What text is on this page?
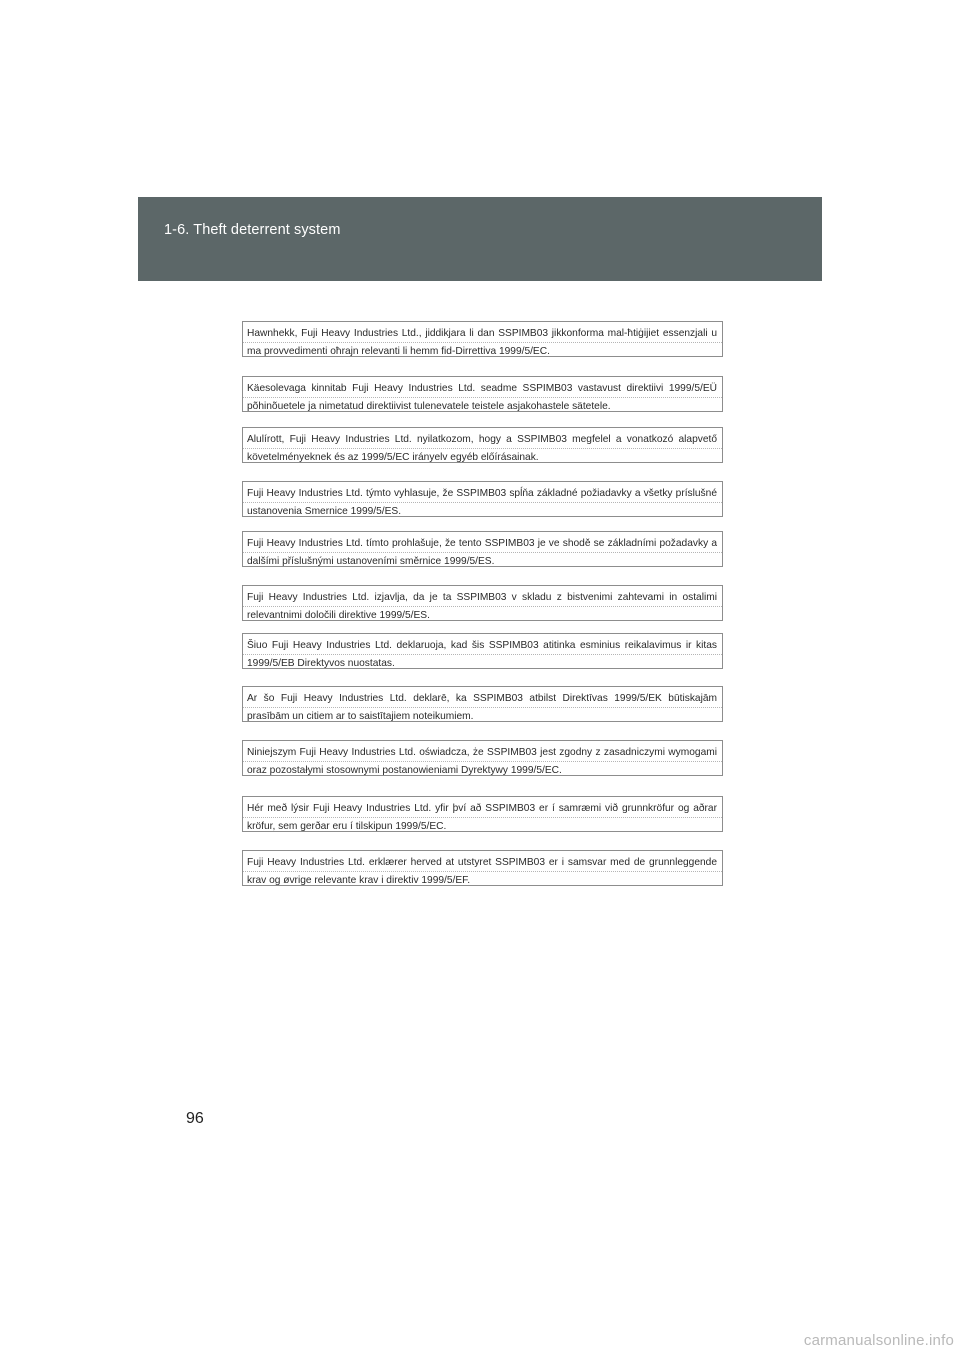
1-6. Theft deterrent system
Hawnhekk, Fuji Heavy Industries Ltd., jiddikjara li dan SSPIMB03 jikkonforma mal-ħtiġijiet essenzjali u ma provvedimenti oħrajn relevanti li hemm fid-Dirrettiva 1999/5/EC.
Käesolevaga kinnitab Fuji Heavy Industries Ltd. seadme SSPIMB03 vastavust direktiivi 1999/5/EÜ põhinõuetele ja nimetatud direktiivist tulenevatele teistele asjakohastele sätetele.
Alulírott, Fuji Heavy Industries Ltd. nyilatkozom, hogy a SSPIMB03 megfelel a vonatkozó alapvető követelményeknek és az 1999/5/EC irányelv egyéb előírásainak.
Fuji Heavy Industries Ltd. týmto vyhlasuje, že SSPIMB03 spĺňa základné požiadavky a všetky príslušné ustanovenia Smernice 1999/5/ES.
Fuji Heavy Industries Ltd. tímto prohlašuje, že tento SSPIMB03 je ve shodě se základními požadavky a dalšími příslušnými ustanoveními směrnice 1999/5/ES.
Fuji Heavy Industries Ltd. izjavlja, da je ta SSPIMB03 v skladu z bistvenimi zahtevami in ostalimi relevantnimi določili direktive 1999/5/ES.
Šiuo Fuji Heavy Industries Ltd. deklaruoja, kad šis SSPIMB03 atitinka esminius reikalavimus ir kitas 1999/5/EB Direktyvos nuostatas.
Ar šo Fuji Heavy Industries Ltd. deklarē, ka SSPIMB03 atbilst Direktīvas 1999/5/EK būtiskajām prasībām un citiem ar to saistītajiem noteikumiem.
Niniejszym Fuji Heavy Industries Ltd. oświadcza, że SSPIMB03 jest zgodny z zasadniczymi wymogami oraz pozostałymi stosownymi postanowieniami Dyrektywy 1999/5/EC.
Hér með lýsir Fuji Heavy Industries Ltd. yfir því að SSPIMB03 er í samræmi við grunnkröfur og aðrar kröfur, sem gerðar eru í tilskipun 1999/5/EC.
Fuji Heavy Industries Ltd. erklærer herved at utstyret SSPIMB03 er i samsvar med de grunnleggende krav og øvrige relevante krav i direktiv 1999/5/EF.
96
carmanualsonline.info
